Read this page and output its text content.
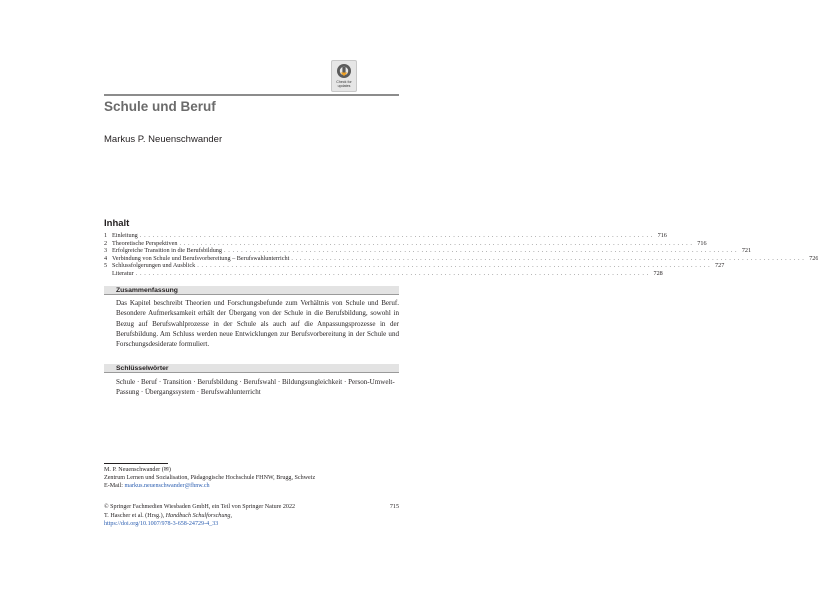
Check for
updates
Schule und Beruf
Markus P. Neuenschwander
Inhalt
1 Einleitung . . . . . . . . . . . . . . . . . . . . . . . . . . . . . . . . . . . . . . . . . . . . . . . . . . . . . . . . . . . . . . . . . . . . . . . . . . . . . . . . . . . . . . . . . . . . . . . . . . . . . . . . . . . . . . . . . . . . . . . . 716
2 Theoretische Perspektiven . . . . . . . . . . . . . . . . . . . . . . . . . . . . . . . . . . . . . . . . . . . . . . . . . . . . . . . . . . . . . . . . . . . . . . . . . . . . . . . . . . . . . . . . . . . . . . . . . . . . . . . . . . . . . . . . . . . . . . . . 716
3 Erfolgreiche Transition in die Berufsbildung . . . . . . . . . . . . . . . . . . . . . . . . . . . . . . . . . . . . . . . . . . . . . . . . . . . . . . . . . . . . . . . . . . . . . . . . . . . . . . . . . . . . . . . . . . . . . . . . . . . . . . . . . . . . . . . . . . . . . . . . 721
4 Verbindung von Schule und Berufsvorbereitung – Berufswahlunterricht . . . . . . . . . . . . . . . . . . . . . . . . . . . . . . . . . . . . . . . . . . . . . . . . . . . . . . . . . . . . . . . . . . . . . . . . . . . . . . . . . . . . . . . . . . . . . . . . . . . . . . . . . . . . . . . . . . . . . . . . 726
5 Schlussfolgerungen und Ausblick . . . . . . . . . . . . . . . . . . . . . . . . . . . . . . . . . . . . . . . . . . . . . . . . . . . . . . . . . . . . . . . . . . . . . . . . . . . . . . . . . . . . . . . . . . . . . . . . . . . . . . . . . . . . . . . . . . . . . . . . 727
Literatur . . . . . . . . . . . . . . . . . . . . . . . . . . . . . . . . . . . . . . . . . . . . . . . . . . . . . . . . . . . . . . . . . . . . . . . . . . . . . . . . . . . . . . . . . . . . . . . . . . . . . . . . . . . . . . . . . . . . . . . . 728
Zusammenfassung
Das Kapitel beschreibt Theorien und Forschungsbefunde zum Verhältnis von Schule und Beruf. Besondere Aufmerksamkeit erhält der Übergang von der Schule in die Berufsbildung, sowohl in Bezug auf Berufswahlprozesse in der Schule als auch auf die Anpassungsprozesse in der Berufsbildung. Am Schluss werden neue Entwicklungen zur Berufsvorbereitung in der Schule und Forschungsdesiderate formuliert.
Schlüsselwörter
Schule · Beruf · Transition · Berufsbildung · Berufswahl · Bildungsungleichkeit · Person-Umwelt-Passung · Übergangssystem · Berufswahlunterricht
M. P. Neuenschwander (✉)
Zentrum Lernen und Sozialisation, Pädagogische Hochschule FHNW, Brugg, Schweiz
E-Mail: markus.neuenschwander@fhnw.ch
© Springer Fachmedien Wiesbaden GmbH, ein Teil von Springer Nature 2022
T. Hascher et al. (Hrsg.), Handbuch Schulforschung,
https://doi.org/10.1007/978-3-658-24729-4_33
715
